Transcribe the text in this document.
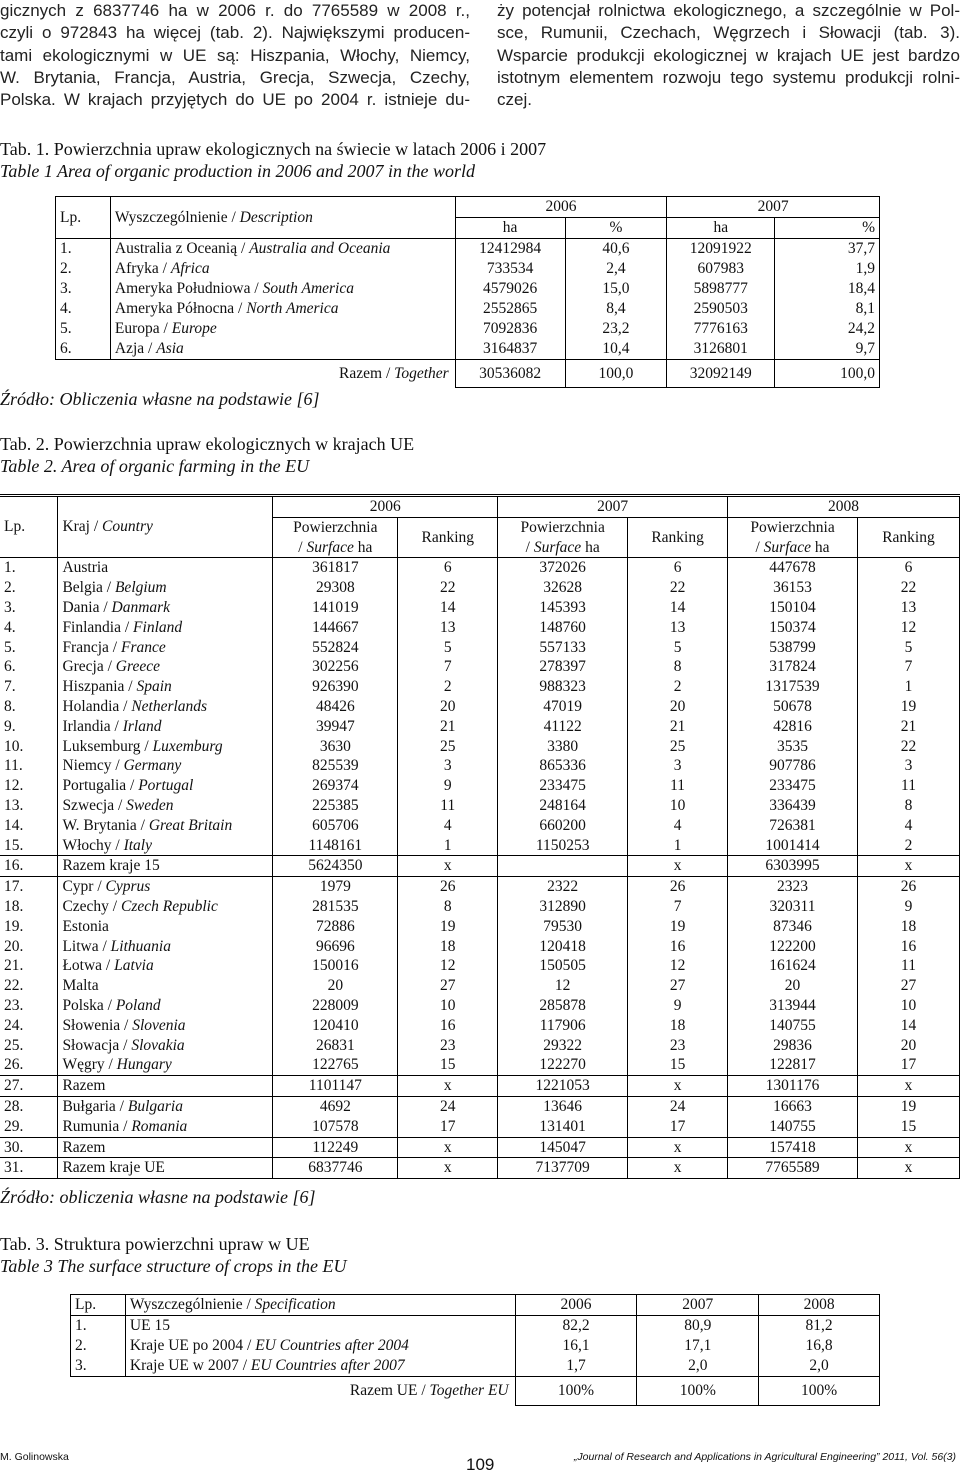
gicznych z 6837746 ha w 2006 r. do 7765589 w 2008 r.,
czyli o 972843 ha więcej (tab. 2). Największymi producen-
tami ekologicznymi w UE są: Hiszpania, Włochy, Niemcy,
W. Brytania, Francja, Austria, Grecja, Szwecja, Czechy,
Polska. W krajach przyjętych do UE po 2004 r. istnieje du-
ży potencjał rolnictwa ekologicznego, a szczególnie w Pol-
sce, Rumunii, Czechach, Węgrzech i Słowacji (tab. 3).
Wsparcie produkcji ekologicznej w krajach UE jest bardzo
istotnym elementem rozwoju tego systemu produkcji rolni-
czej.
Tab. 1. Powierzchnia upraw ekologicznych na świecie w latach 2006 i 2007
Table 1 Area of organic production in 2006 and 2007 in the world
Lp.	Wyszczególnienie / Description	2006		2007	
		ha	%	ha	%
1.	Australia z Oceanią / Australia and Oceania	12412984	40,6	12091922	37,7
2.	Afryka / Africa	733534	2,4	607983	1,9
3.	Ameryka Południowa / South America	4579026	15,0	5898777	18,4
4.	Ameryka Północna / North America	2552865	8,4	2590503	8,1
5.	Europa / Europe	7092836	23,2	7776163	24,2
6.	Azja / Asia	3164837	10,4	3126801	9,7
Razem / Together		30536082	100,0	32092149	100,0
Źródło: Obliczenia własne na podstawie [6]
Tab. 2. Powierzchnia upraw ekologicznych w krajach UE
Table 2. Area of organic farming in the EU
Lp.	Kraj / Country	2006		2007		2008	
		Powierzchnia	Ranking	Powierzchnia	Ranking	Powierzchnia	Ranking
		/ Surface ha		/ Surface ha		/ Surface ha	
1.	Austria	361817	6	372026	6	447678	6
2.	Belgia / Belgium	29308	22	32628	22	36153	22
3.	Dania / Danmark	141019	14	145393	14	150104	13
4.	Finlandia / Finland	144667	13	148760	13	150374	12
5.	Francja / France	552824	5	557133	5	538799	5
6.	Grecja / Greece	302256	7	278397	8	317824	7
7.	Hiszpania / Spain	926390	2	988323	2	1317539	1
8.	Holandia / Netherlands	48426	20	47019	20	50678	19
9.	Irlandia / Irland	39947	21	41122	21	42816	21
10.	Luksemburg / Luxemburg	3630	25	3380	25	3535	22
11.	Niemcy / Germany	825539	3	865336	3	907786	3
12.	Portugalia / Portugal	269374	9	233475	11	233475	11
13.	Szwecja / Sweden	225385	11	248164	10	336439	8
14.	W. Brytania / Great Britain	605706	4	660200	4	726381	4
15.	Włochy / Italy	1148161	1	1150253	1	1001414	2
16.	Razem kraje 15	5624350	x		x	6303995	x
17.	Cypr / Cyprus	1979	26	2322	26	2323	26
18.	Czechy / Czech Republic	281535	8	312890	7	320311	9
19.	Estonia	72886	19	79530	19	87346	18
20.	Litwa / Lithuania	96696	18	120418	16	122200	16
21.	Łotwa / Latvia	150016	12	150505	12	161624	11
22.	Malta	20	27	12	27	20	27
23.	Polska / Poland	228009	10	285878	9	313944	10
24.	Słowenia / Slovenia	120410	16	117906	18	140755	14
25.	Słowacja / Slovakia	26831	23	29322	23	29836	20
26.	Węgry / Hungary	122765	15	122270	15	122817	17
27.	Razem	1101147	x	1221053	x	1301176	x
28.	Bułgaria / Bulgaria	4692	24	13646	24	16663	19
29.	Rumunia / Romania	107578	17	131401	17	140755	15
30.	Razem	112249	x	145047	x	157418	x
31.	Razem kraje UE	6837746	x	7137709	x	7765589	x
Źródło: obliczenia własne na podstawie [6]
Tab. 3. Struktura powierzchni upraw w UE
Table 3 The surface structure of crops in the EU
Lp.	Wyszczególnienie / Specification	2006	2007	2008
1.	UE 15	82,2	80,9	81,2
2.	Kraje UE po 2004 / EU Countries after 2004	16,1	17,1	16,8
3.	Kraje UE w 2007 / EU Countries after 2007	1,7	2,0	2,0
Razem UE / Together EU		100%	100%	100%
M. Golinowska	109	„Journal of Research and Applications in Agricultural Engineering” 2011, Vol. 56(3)
